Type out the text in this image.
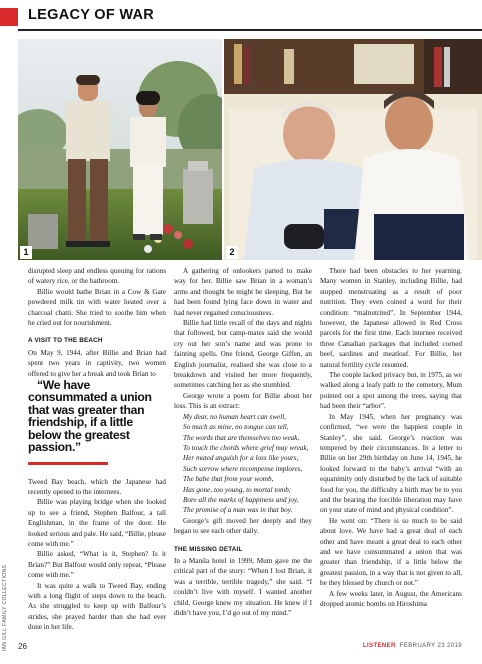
LEGACY OF WAR
1	2
IAN GILL FAMILY COLLECTIONS

disrupted sleep and endless queuing for rations of watery rice, or the bathroom.

Billie would bathe Brian in a Cow & Gate powdered milk tin with water heated over a charcoal chatti. She tried to soothe him when he cried out for nourishment.

A VISIT TO THE BEACH

On May 9, 1944, after Billie and Brian had spent two years in captivity, two women offered to give her a break and took Brian to

“We have consummated a union that was greater than friendship, if a little below the greatest passion.”

Tweed Bay beach, which the Japanese had recently opened to the internees.

Billie was playing bridge when she looked up to see a friend, Stephen Balfour, a tall Englishman, in the frame of the door. He looked serious and pale. He said, “Billie, please come with me.”

Billie asked, “What is it, Stephen? Is it Brian?” But Balfour would only repeat, “Please come with me.”

It was quite a walk to Tweed Bay, ending with a long flight of steps down to the beach. As she struggled to keep up with Balfour’s strides, she prayed harder than she had ever done in her life.

A gathering of onlookers parted to make way for her. Billie saw Brian in a woman’s arms and thought he might be sleeping. But he had been found lying face down in water and had never regained consciousness.

Billie had little recall of the days and nights that followed, but camp-mates said she would cry out her son’s name and was prone to fainting spells. One friend, George Giffen, an English journalist, realised she was close to a breakdown and visited her more frequently, sometimes catching her as she stumbled.

George wrote a poem for Billie about her loss. This is an extract:

My dear, no human heart can swell,
So much as mine, no tongue can tell,
The words that are themselves too weak,
To touch the chords where grief may wreak,
Her muted anguish for a loss like yours,
Such sorrow where recompense implores,
The babe that from your womb,
Has gone, too young, to mortal tomb;
Bore all the marks of happiness and joy,
The promise of a man was in that boy.

George’s gift moved her deeply and they began to see each other daily.

THE MISSING DETAIL

In a Manila hotel in 1999, Mum gave me the critical part of the story: “When I lost Brian, it was a terrible, terrible tragedy,” she said. “I couldn’t live with myself. I wanted another child. George knew my situation. He knew if I didn’t have you, I’d go out of my mind.”

There had been obstacles to her yearning. Many women in Stanley, including Billie, had stopped menstruating as a result of poor nutrition. They even coined a word for their condition: “malnutrited”. In September 1944, however, the Japanese allowed in Red Cross parcels for the first time. Each internee received three Canadian packages that included corned beef, sardines and meatloaf. For Billie, her natural fertility cycle resumed.

The couple lacked privacy but, in 1975, as we walked along a leafy path to the cemetery, Mum pointed out a spot among the trees, saying that had been their “arbor”.

In May 1945, when her pregnancy was confirmed, “we were the happiest couple in Stanley”, she said. George’s reaction was tempered by their circumstances. In a letter to Billie on her 29th birthday on June 14, 1945, he looked forward to the baby’s arrival “with an equanimity only disturbed by the lack of suitable food for you, the difficulty a birth may be to you and the bearing the forcible liberation may have on your state of mind and physical condition”.

He went on: “There is so much to be said about love. We have had a great deal of each other and have meant a great deal to each other and we have consummated a union that was greater than friendship, if a little below the greatest passion, in a way that is not given to all, be they blessed by church or not.”

A few weeks later, in August, the Americans dropped atomic bombs on Hiroshima

26	LISTENER FEBRUARY 23 2019
